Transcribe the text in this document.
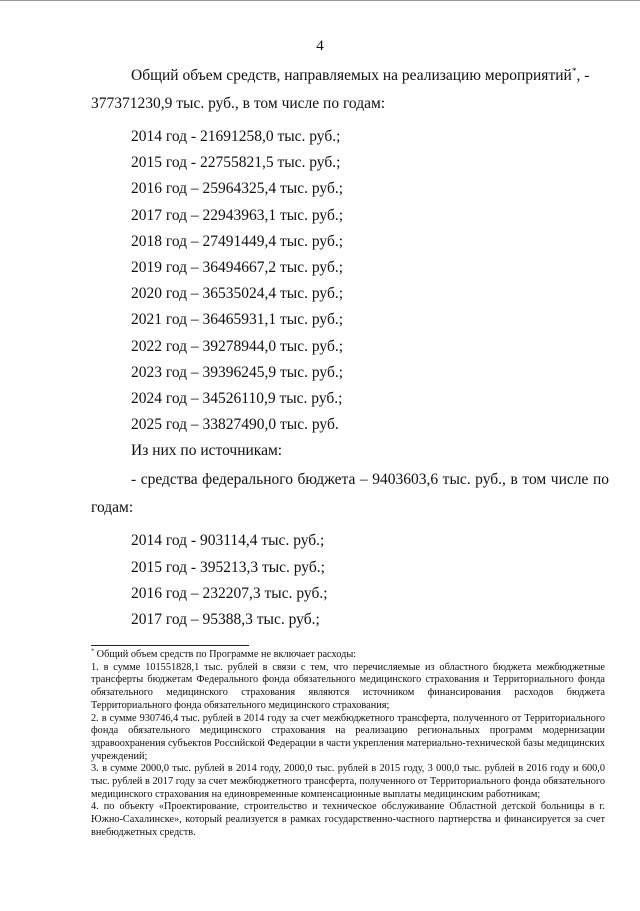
4
Общий объем средств, направляемых на реализацию мероприятий*, -
377371230,9 тыс. руб., в том числе по годам:
2014 год - 21691258,0 тыс. руб.;
2015 год - 22755821,5 тыс. руб.;
2016 год – 25964325,4 тыс. руб.;
2017 год – 22943963,1 тыс. руб.;
2018 год – 27491449,4 тыс. руб.;
2019 год – 36494667,2 тыс. руб.;
2020 год – 36535024,4 тыс. руб.;
2021 год – 36465931,1 тыс. руб.;
2022 год – 39278944,0 тыс. руб.;
2023 год – 39396245,9 тыс. руб.;
2024 год – 34526110,9 тыс. руб.;
2025 год – 33827490,0 тыс. руб.
Из них по источникам:
- средства федерального бюджета – 9403603,6 тыс. руб., в том числе по годам:
2014 год - 903114,4 тыс. руб.;
2015 год - 395213,3 тыс. руб.;
2016 год – 232207,3 тыс. руб.;
2017 год – 95388,3 тыс. руб.;

* Общий объем средств по Программе не включает расходы:

1. в сумме 101551828,1 тыс. рублей в связи с тем, что перечисляемые из областного бюджета межбюджетные трансферты бюджетам Федерального фонда обязательного медицинского страхования и Территориального фонда обязательного медицинского страхования являются источником финансирования расходов бюджета Территориального фонда обязательного медицинского страхования;

2. в сумме 930746,4 тыс. рублей в 2014 году за счет межбюджетного трансферта, полученного от Территориального фонда обязательного медицинского страхования на реализацию региональных программ модернизации здравоохранения субъектов Российской Федерации в части укрепления материально-технической базы медицинских учреждений;

3. в сумме 2000,0 тыс. рублей в 2014 году, 2000,0 тыс. рублей в 2015 году, 3 000,0 тыс. рублей в 2016 году и 600,0 тыс. рублей в 2017 году за счет межбюджетного трансферта, полученного от Территориального фонда обязательного медицинского страхования на единовременные компенсационные выплаты медицинским работникам;

4. по объекту «Проектирование, строительство и техническое обслуживание Областной детской больницы в г. Южно-Сахалинске», который реализуется в рамках государственно-частного партнерства и финансируется за счет внебюджетных средств.
